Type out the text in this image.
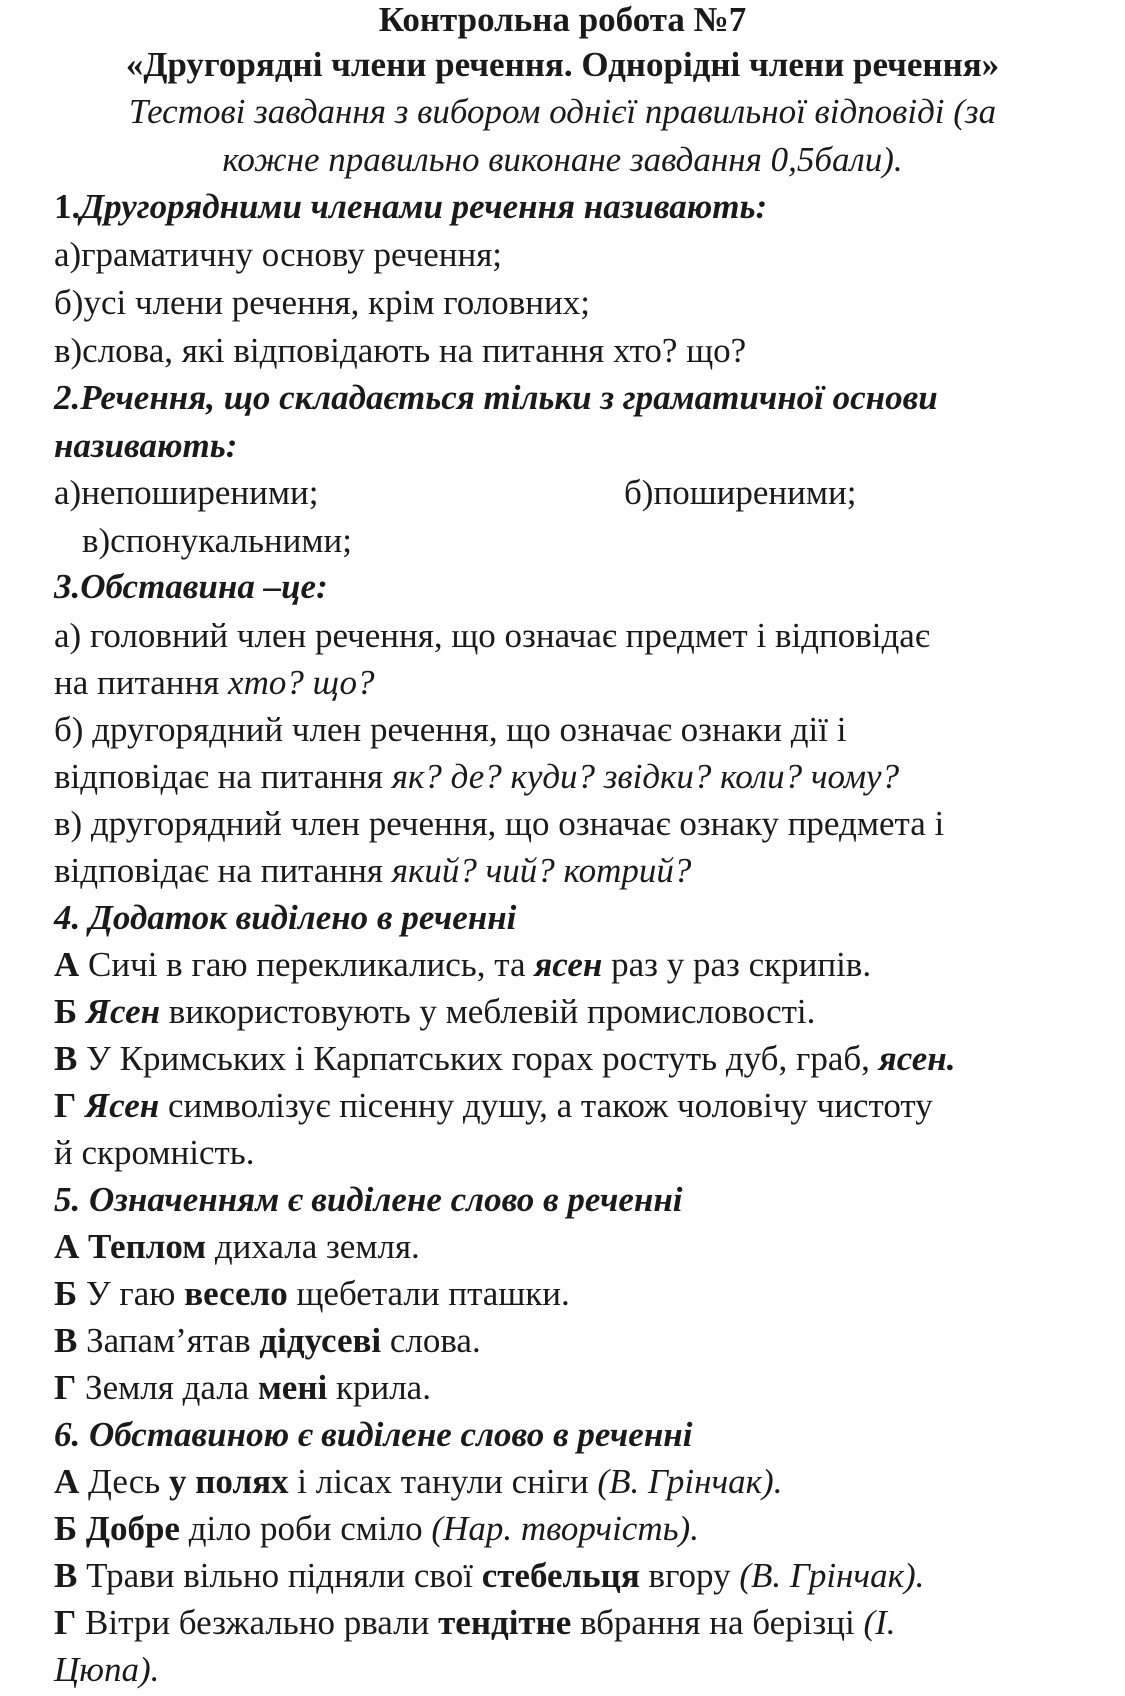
Контрольна робота №7
«Другорядні члени речення. Однорідні члени речення»
Тестові завдання з вибором однієї правильної відповіді (за
кожне правильно виконане завдання 0,5бали).
1.Другорядними членами речення називають:
а)граматичну основу речення;
б)усі члени речення, крім головних;
в)слова, які відповідають на питання хто? що?
2.Речення, що складається тільки з граматичної основи
називають:
а)непоширеними;	б)поширеними;
в)спонукальними;
3.Обставина –це:
а) головний член речення, що означає предмет і відповідає
на питання хто? що?
б) другорядний член речення, що означає ознаки дії і
відповідає на питання як? де? куди? звідки? коли? чому?
в) другорядний член речення, що означає ознаку предмета і
відповідає на питання який? чий? котрий?
4. Додаток виділено в реченні
А Сичі в гаю перекликались, та ясен раз у раз скрипів.
Б Ясен використовують у меблевій промисловості.
В У Кримських і Карпатських горах ростуть дуб, граб, ясен.
Г Ясен символізує пісенну душу, а також чоловічу чистоту
й скромність.
5. Означенням є виділене слово в реченні
А Теплом дихала земля.
Б У гаю весело щебетали пташки.
В Запам’ятав дідусеві слова.
Г Земля дала мені крила.
6. Обставиною є виділене слово в реченні
А Десь у полях і лісах танули сніги (В. Грінчак).
Б Добре діло роби сміло (Нар. творчість).
В Трави вільно підняли свої стебельця вгору (В. Грінчак).
Г Вітри безжально рвали тендітне вбрання на берізці (І.
Цюпа).
